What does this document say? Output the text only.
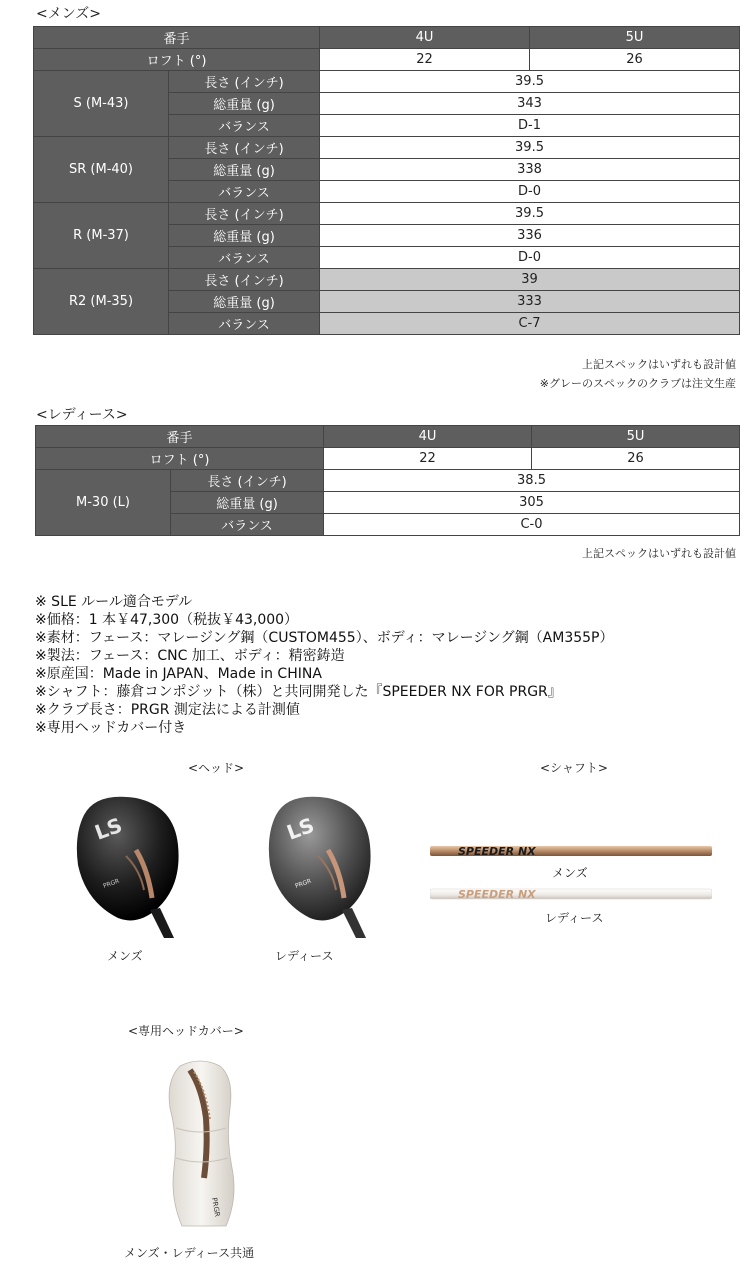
<メンズ>
番手		4U	5U
ロフト (°)		22	26
S (M-43)	長さ (インチ)	39.5	
	総重量 (g)	343	
	バランス	D-1	
SR (M-40)	長さ (インチ)	39.5	
	総重量 (g)	338	
	バランス	D-0	
R (M-37)	長さ (インチ)	39.5	
	総重量 (g)	336	
	バランス	D-0	
R2 (M-35)	長さ (インチ)	39	
	総重量 (g)	333	
	バランス	C-7	
上記スペックはいずれも設計値
※グレーのスペックのクラブは注文生産
<レディース>
番手		4U	5U
ロフト (°)		22	26
M-30 (L)	長さ (インチ)	38.5	
	総重量 (g)	305	
	バランス	C-0	
上記スペックはいずれも設計値
※ SLE ルール適合モデル
※価格：1 本￥47,300（税抜￥43,000）
※素材：フェース：マレージング鋼（CUSTOM455）、ボディ：マレージング鋼（AM355P）
※製法：フェース：CNC 加工、ボディ：精密鋳造
※原産国：Made in JAPAN、Made in CHINA
※シャフト：藤倉コンポジット（株）と共同開発した『SPEEDER NX FOR PRGR』
※クラブ長さ：PRGR 測定法による計測値
※専用ヘッドカバー付き
<ヘッド>
LS
PRGR
LS
PRGR
メンズ	レディース
<シャフト>
SPEEDER NX
メンズ
SPEEDER NX
レディース
<専用ヘッドカバー>
PRGR
メンズ・レディース共通
